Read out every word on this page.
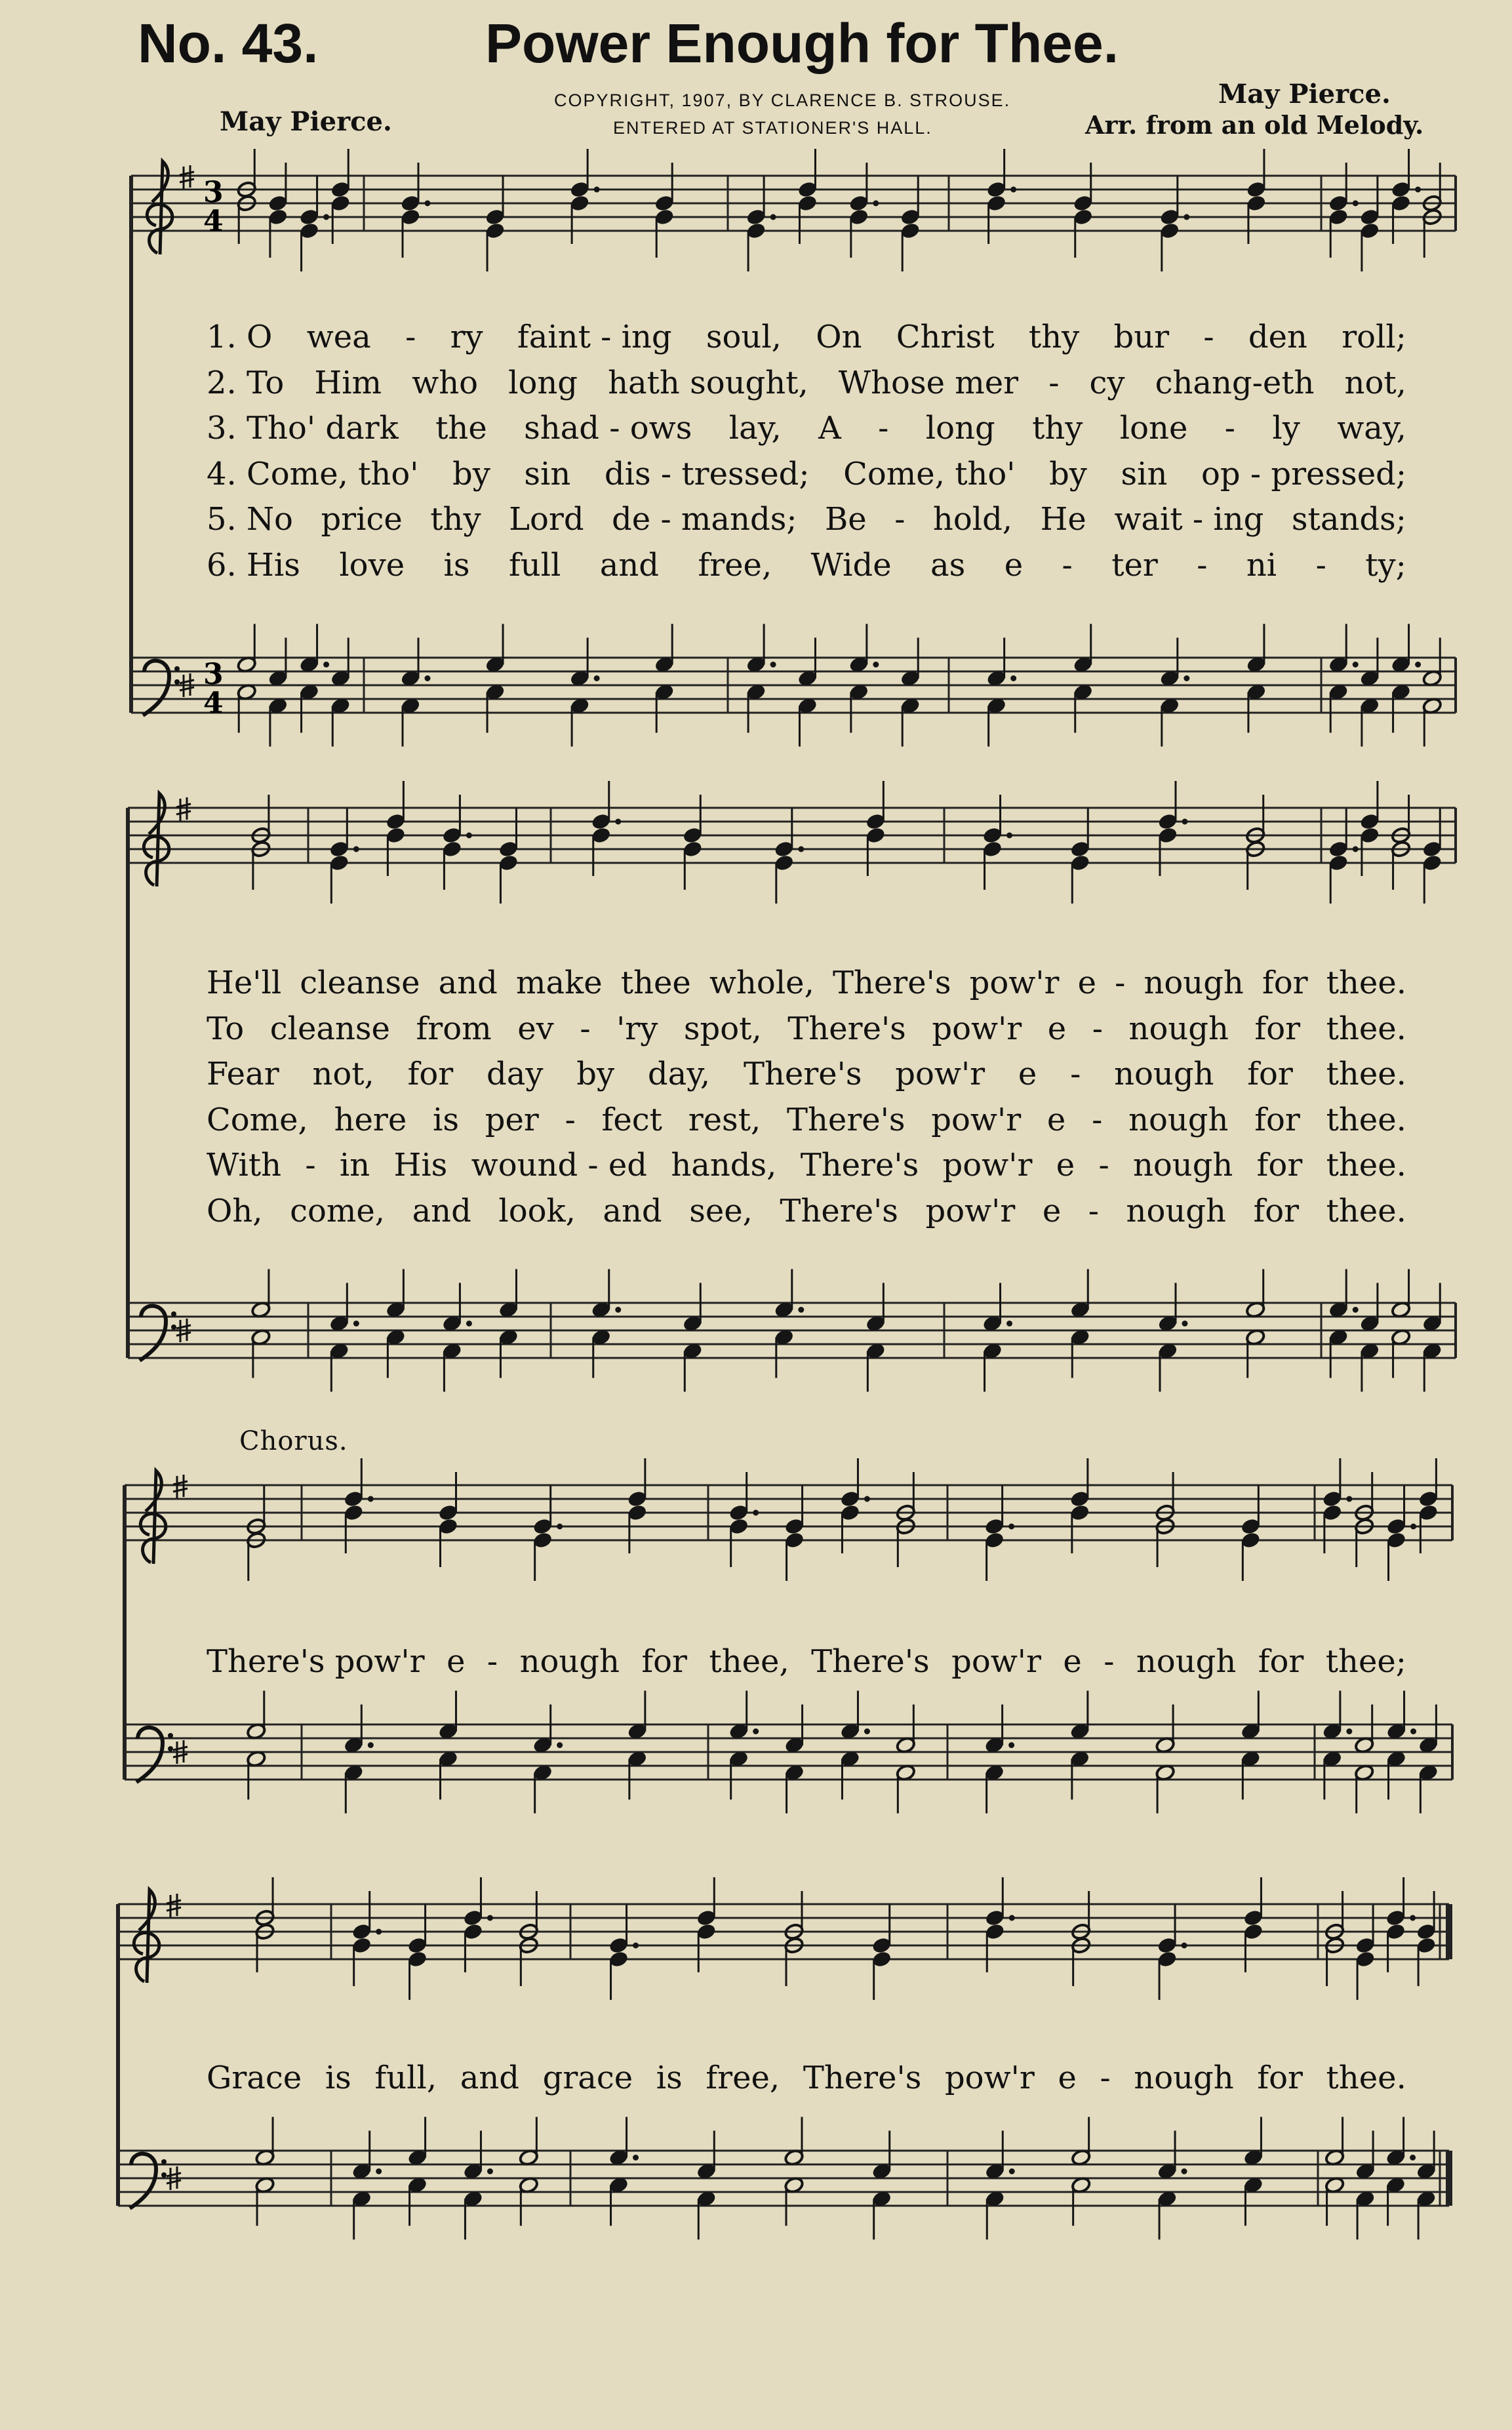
No. 43.	Power Enough for Thee.
COPYRIGHT, 1907, BY CLARENCE B. STROUSE.
ENTERED AT STATIONER'S HALL.
May Pierce.
May Pierce.
Arr. from an old Melody.
Chorus.
3
4
3
4
1. O wea - ry faint - ing soul, On Christ thy bur - den roll;
2. To Him who long hath sought, Whose mer - cy chang-eth not,
3. Tho' dark the shad - ows lay, A - long thy lone - ly way,
4. Come, tho' by sin dis - tressed; Come, tho' by sin op - pressed;
5. No price thy Lord de - mands; Be - hold, He wait - ing stands;
6. His love is full and free, Wide as e - ter - ni - ty;
He'll cleanse and make thee whole, There's pow'r e - nough for thee.
To cleanse from ev - 'ry spot, There's pow'r e - nough for thee.
Fear not, for day by day, There's pow'r e - nough for thee.
Come, here is per - fect rest, There's pow'r e - nough for thee.
With - in His wound - ed hands, There's pow'r e - nough for thee.
Oh, come, and look, and see, There's pow'r e - nough for thee.
There's pow'r e - nough for thee, There's pow'r e - nough for thee;
Grace is full, and grace is free, There's pow'r e - nough for thee.
